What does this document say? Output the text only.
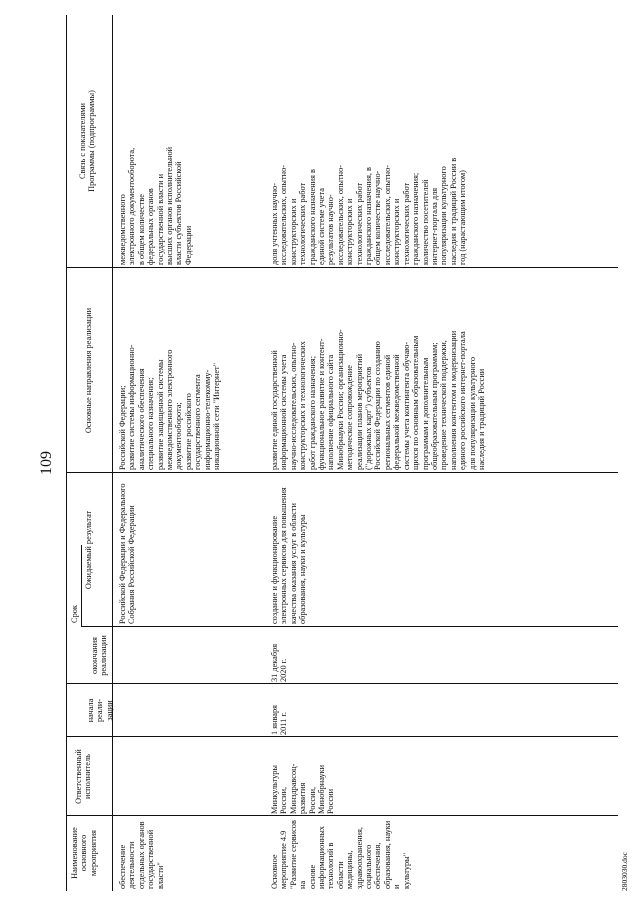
109
2803030.doc
Наименование
основного
мероприятия
Ответственный
исполнитель
Срок
начала
реали-
зации
окончания
реализации
Ожидаемый результат
Основные направления реализации
Связь с показателями
Программы (подпрограммы)
обеспечение
деятельности
отдельных органов
государственной
власти"
Российской Федерации и Федерального
Собрания Российской Федерации
Российской Федерации;
развитие системы информационно-
аналитического обеспечения
специального назначения;
развитие защищенной системы
межведомственного электронного
документооборота;
развитие российского
государственного сегмента
информационно-телекомму-
никационной сети "Интернет"
межведомственного
электронного документооборота,
в общем количестве
федеральных органов
государственной власти и
высших органов исполнительной
власти субъектов Российской
Федерации
Основное
мероприятие 4.9
"Развитие сервисов на
основе
информационных
технологий в области
медицины,
здравоохранения,
социального
обеспечения,
образования, науки и
культуры"
Минкультуры
России,
Минздравсоц-
развития
России,
Минобрнауки
России
1 января
2011 г.
31 декабря
2020 г.
создание и функционирование
электронных сервисов для повышения
качества оказания услуг в области
образования, науки и культуры
развитие единой государственной
информационной системы учета
научно-исследовательских, опытно-
конструкторских и технологических
работ гражданского назначения;
функциональное развитие и контент-
наполнение официального сайта
Минобрнауки России; организационно-
методическое сопровождение
реализации планов мероприятий
("дорожных карт") субъектов
Российской Федерации по созданию
региональных сегментов единой
федеральной межведомственной
системы учета контингента обучаю-
щихся по основным образовательным
программам и дополнительным
общеобразовательным программам;
проведение технической поддержки,
наполнения контентом и модернизации
единого российского интернет-портала
для популяризации культурного
наследия и традиций России
доля учтенных научно-
исследовательских, опытно-
конструкторских и
технологических работ
гражданского назначения в
единой системе учета
результатов научно-
исследовательских, опытно-
конструкторских и
технологических работ
гражданского назначения, в
общем количестве научно-
исследовательских, опытно-
конструкторских и
технологических работ
гражданского назначения;
количество посетителей
интернет-портала для
популяризации культурного
наследия и традиций России в
год (нарастающим итогом)
